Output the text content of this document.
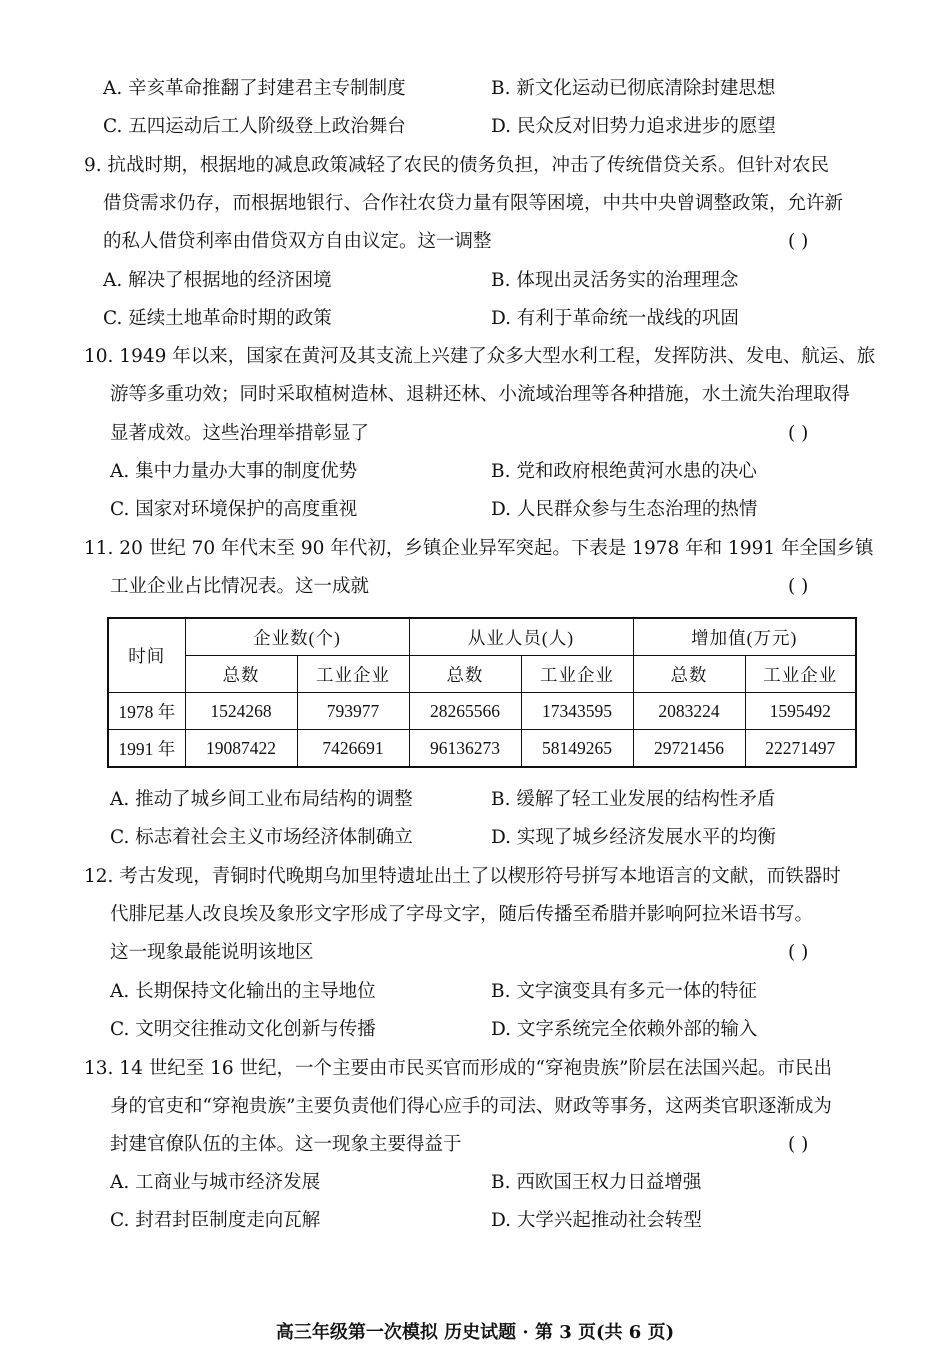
A. 辛亥革命推翻了封建君主专制制度	B. 新文化运动已彻底清除封建思想
C. 五四运动后工人阶级登上政治舞台	D. 民众反对旧势力追求进步的愿望
9. 抗战时期，根据地的减息政策减轻了农民的债务负担，冲击了传统借贷关系。但针对农民
借贷需求仍存，而根据地银行、合作社农贷力量有限等困境，中共中央曾调整政策，允许新
的私人借贷利率由借贷双方自由议定。这一调整	( )
A. 解决了根据地的经济困境	B. 体现出灵活务实的治理理念
C. 延续土地革命时期的政策	D. 有利于革命统一战线的巩固
10. 1949 年以来，国家在黄河及其支流上兴建了众多大型水利工程，发挥防洪、发电、航运、旅
游等多重功效；同时采取植树造林、退耕还林、小流域治理等各种措施，水土流失治理取得
显著成效。这些治理举措彰显了	( )
A. 集中力量办大事的制度优势	B. 党和政府根绝黄河水患的决心
C. 国家对环境保护的高度重视	D. 人民群众参与生态治理的热情
11. 20 世纪 70 年代末至 90 年代初，乡镇企业异军突起。下表是 1978 年和 1991 年全国乡镇
工业企业占比情况表。这一成就	( )
时间	企业数(个)		从业人员(人)		增加值(万元)	
	总数	工业企业	总数	工业企业	总数	工业企业
1978 年	1524268	793977	28265566	17343595	2083224	1595492
1991 年	19087422	7426691	96136273	58149265	29721456	22271497
A. 推动了城乡间工业布局结构的调整	B. 缓解了轻工业发展的结构性矛盾
C. 标志着社会主义市场经济体制确立	D. 实现了城乡经济发展水平的均衡
12. 考古发现，青铜时代晚期乌加里特遗址出土了以楔形符号拼写本地语言的文献，而铁器时
代腓尼基人改良埃及象形文字形成了字母文字，随后传播至希腊并影响阿拉米语书写。
这一现象最能说明该地区	( )
A. 长期保持文化输出的主导地位	B. 文字演变具有多元一体的特征
C. 文明交往推动文化创新与传播	D. 文字系统完全依赖外部的输入
13. 14 世纪至 16 世纪，一个主要由市民买官而形成的“穿袍贵族”阶层在法国兴起。市民出
身的官吏和“穿袍贵族”主要负责他们得心应手的司法、财政等事务，这两类官职逐渐成为
封建官僚队伍的主体。这一现象主要得益于	( )
A. 工商业与城市经济发展	B. 西欧国王权力日益增强
C. 封君封臣制度走向瓦解	D. 大学兴起推动社会转型
高三年级第一次模拟 历史试题 · 第 3 页(共 6 页)
